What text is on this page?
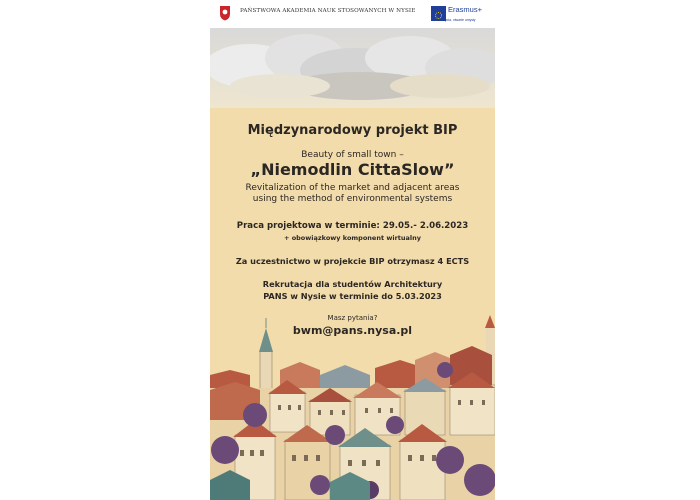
PAŃSTWOWA AKADEMIA NAUK STOSOWANYCH W NYSIE	Erasmus+
Zmiana życia, otwarte umysły
Międzynarodowy projekt BIP
Beauty of small town –
„Niemodlin CittaSlow”
Revitalization of the market and adjacent areas
using the method of environmental systems
Praca projektowa w terminie: 29.05.- 2.06.2023
+ obowiązkowy komponent wirtualny
Za uczestnictwo w projekcie BIP otrzymasz 4 ECTS
Rekrutacja dla studentów Architektury
PANS w Nysie w terminie do 5.03.2023
Masz pytania?
bwm@pans.nysa.pl
